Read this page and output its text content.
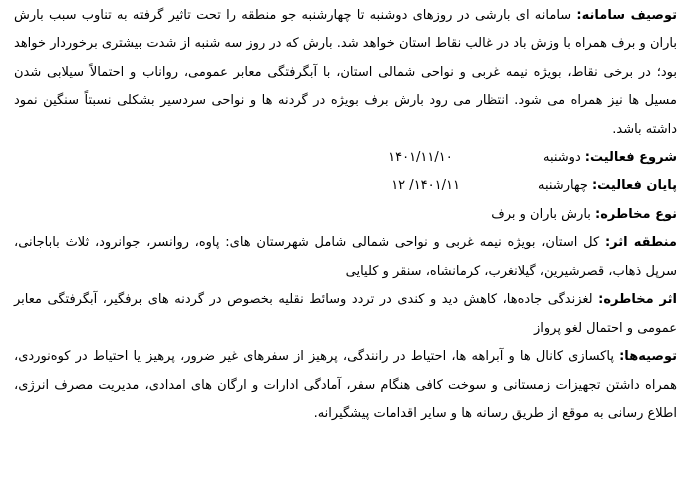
توصیف سامانه: سامانه ای بارشی در روزهای دوشنبه تا چهارشنبه جو منطقه را تحت تاثیر گرفته به تناوب سبب بارش باران و برف همراه با وزش باد در غالب نقاط استان خواهد شد. بارش که در روز سه شنبه از شدت بیشتری برخوردار خواهد بود؛ در برخی نقاط، بویژه نیمه غربی و نواحی شمالی استان، با آبگرفتگی معابر عمومی، رواناب و احتمالاً سیلابی شدن مسیل ها نیز همراه می شود. انتظار می رود بارش برف بویژه در گردنه ها و نواحی سردسیر بشکلی نسبتاً سنگین نمود داشته باشد.
شروع فعالیت:
دوشنبه
۱۴۰۱/۱۱/۱۰
پایان فعالیت:
چهارشنبه
۱۴۰۱/۱۱/ ۱۲
نوع مخاطره: بارش باران و برف
منطقه اثر: کل استان، بویژه نیمه غربی و نواحی شمالی شامل شهرستان های: پاوه، روانسر، جوانرود، ثلاث باباجانی، سرپل ذهاب، قصرشیرین، گیلانغرب، کرمانشاه، سنقر و کلیایی
اثر مخاطره: لغزندگی جاده‌ها، کاهش دید و کندی در تردد وسائط نقلیه بخصوص در گردنه های برفگیر، آبگرفتگی معابر عمومی و احتمال لغو پرواز
توصیه‌ها: پاکسازی کانال ها و آبراهه ها، احتیاط در رانندگی، پرهیز از سفرهای غیر ضرور، پرهیز یا احتیاط در کوه‌نوردی، همراه داشتن تجهیزات زمستانی و سوخت کافی هنگام سفر، آمادگی ادارات و ارگان های امدادی، مدیریت مصرف انرژی، اطلاع رسانی به موقع از طریق رسانه ها و سایر اقدامات پیشگیرانه.
